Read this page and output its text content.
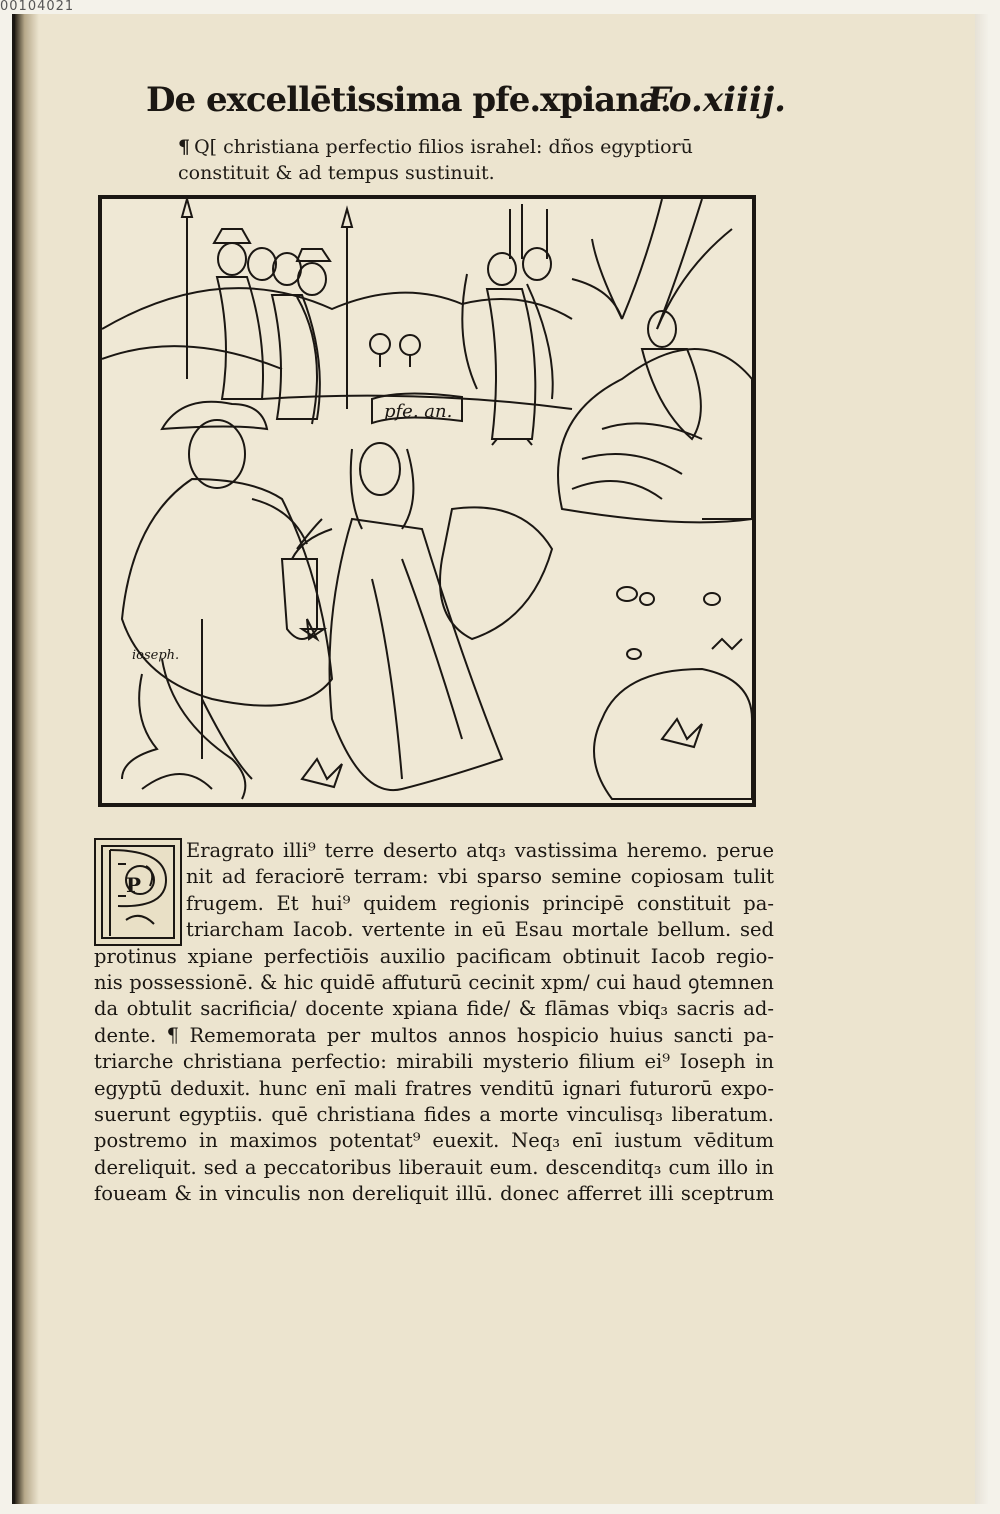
00104021
De excellētissima pfe.xpiana.
Fo.xiiij.
¶ Q[ christiana perfectio filios israhel: dños egyptiorū
constituit & ad tempus sustinuit.
pfe. an.
ioseph.
P
Eragrato illi⁹ terre deserto atq₃ vastissima heremo. perue
nit ad feraciorē terram: vbi sparso semine copiosam tulit
frugem. Et hui⁹ quidem regionis principē constituit pa-
triarcham Iacob. vertente in eū Esau mortale bellum. sed
protinus xpiane perfectiōis auxilio pacificam obtinuit Iacob regio-
nis possessionē. & hic quidē affuturū cecinit xpm/ cui haud ꝯtemnen
da obtulit sacrificia/ docente xpiana fide/ & flāmas vbiq₃ sacris ad-
dente. ¶ Rememorata per multos annos hospicio huius sancti pa-
triarche christiana perfectio: mirabili mysterio filium ei⁹ Ioseph in
egyptū deduxit. hunc enī mali fratres venditū ignari futurorū expo-
suerunt egyptiis. quē christiana fides a morte vinculisq₃ liberatum.
postremo in maximos potentat⁹ euexit. Neq₃ enī iustum vēditum
dereliquit. sed a peccatoribus liberauit eum. descenditq₃ cum illo in
foueam & in vinculis non dereliquit illū. donec afferret illi sceptrum
